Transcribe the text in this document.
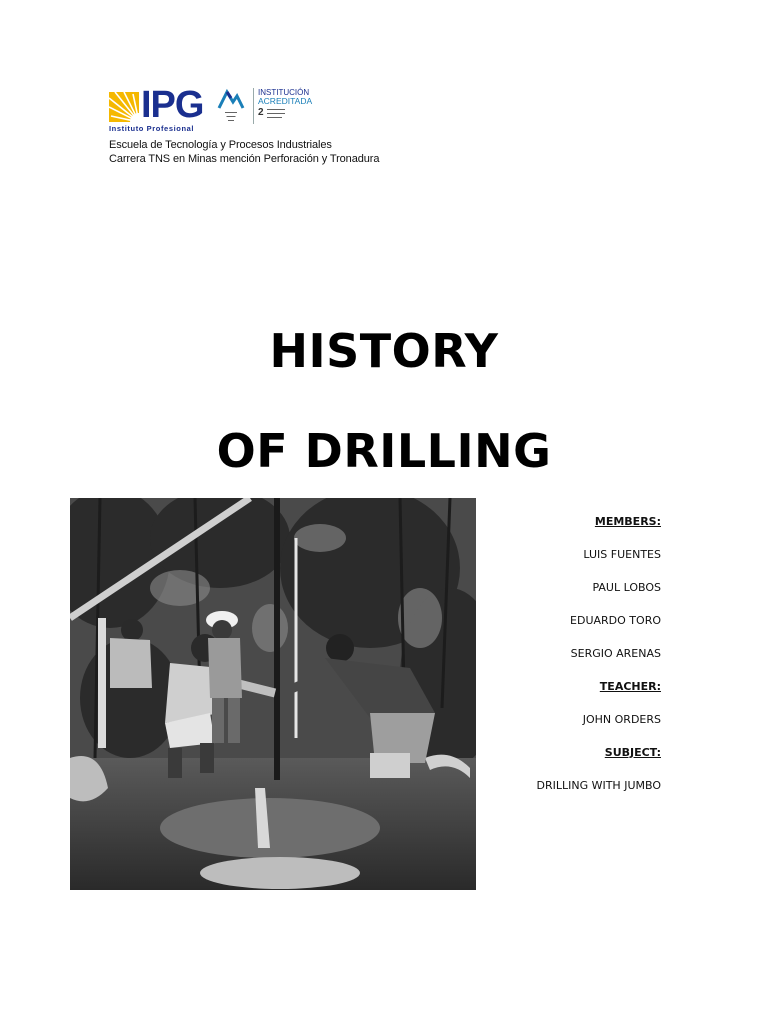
IPG
Instituto Profesional
▬▬▬▬
▬▬▬
▬▬
INSTITUCIÓN
ACREDITADA
2 ▬▬▬▬▬▬
▬▬▬▬▬▬
▬▬▬▬▬
Escuela de Tecnología y Procesos Industriales
Carrera TNS en Minas mención Perforación y Tronadura
HISTORY
OF DRILLING
MEMBERS:
LUIS FUENTES
PAUL LOBOS
EDUARDO TORO
SERGIO ARENAS
TEACHER:
JOHN ORDERS
SUBJECT:
DRILLING WITH JUMBO
